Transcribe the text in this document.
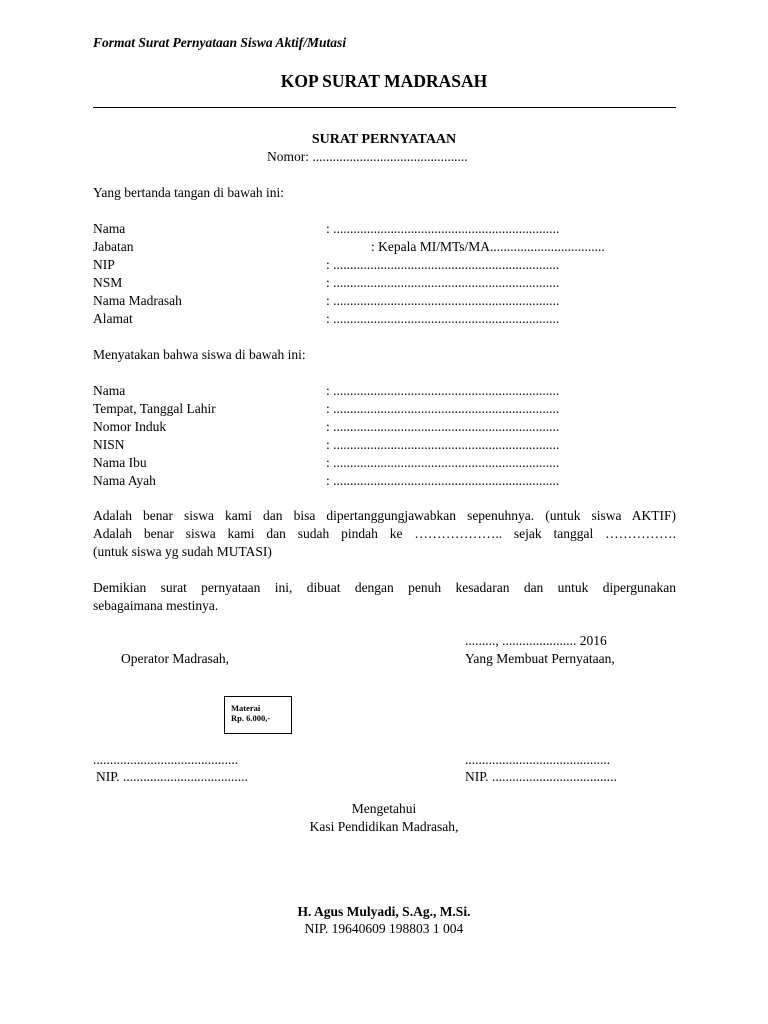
Format Surat Pernyataan Siswa Aktif/Mutasi
KOP SURAT MADRASAH
SURAT PERNYATAAN
Nomor: ..............................................
Yang bertanda tangan di bawah ini:
Nama	: ...................................................................
Jabatan	: Kepala MI/MTs/MA..................................
NIP	: ...................................................................
NSM	: ...................................................................
Nama Madrasah	: ...................................................................
Alamat	: ...................................................................
Menyatakan bahwa siswa di bawah ini:
Nama	: ...................................................................
Tempat, Tanggal Lahir	: ...................................................................
Nomor Induk	: ...................................................................
NISN	: ...................................................................
Nama Ibu	: ...................................................................
Nama Ayah	: ...................................................................
Adalah benar siswa kami dan bisa dipertanggungjawabkan sepenuhnya. (untuk siswa AKTIF)
Adalah benar siswa kami dan sudah pindah ke ……………….. sejak tanggal …………….
(untuk siswa yg sudah MUTASI)
Demikian surat pernyataan ini, dibuat dengan penuh kesadaran dan untuk dipergunakan
sebagaimana mestinya.
........., ...................... 2016
Operator Madrasah,	Yang Membuat Pernyataan,
Materai
Rp. 6.000,-
...........................................	...........................................
NIP. .....................................	NIP. .....................................
Mengetahui
Kasi Pendidikan Madrasah,
H. Agus Mulyadi, S.Ag., M.Si.
NIP. 19640609 198803 1 004
